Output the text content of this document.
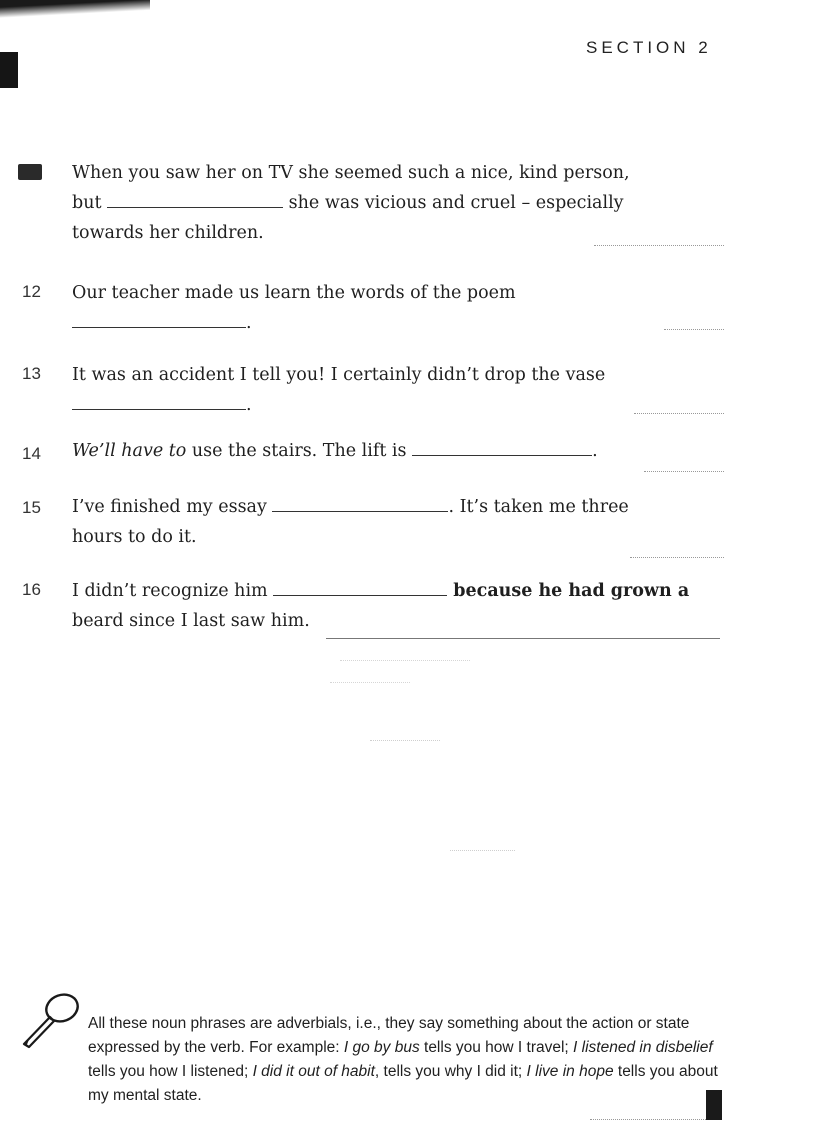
SECTION 2
When you saw her on TV she seemed such a nice, kind person,
but	she was vicious and cruel – especially
towards her children.
12	Our teacher made us learn the words of the poem
.
13	It was an accident I tell you! I certainly didn’t drop the vase
.
14	We’ll have to use the stairs. The lift is	.
15	I’ve finished my essay	. It’s taken me three
hours to do it.
16	I didn’t recognize him	because he had grown a
beard since I last saw him.
All these noun phrases are adverbials, i.e., they say something about the action or state expressed by the verb. For example: I go by bus tells you how I travel; I listened in disbelief tells you how I listened; I did it out of habit, tells you why I did it; I live in hope tells you about my mental state.
